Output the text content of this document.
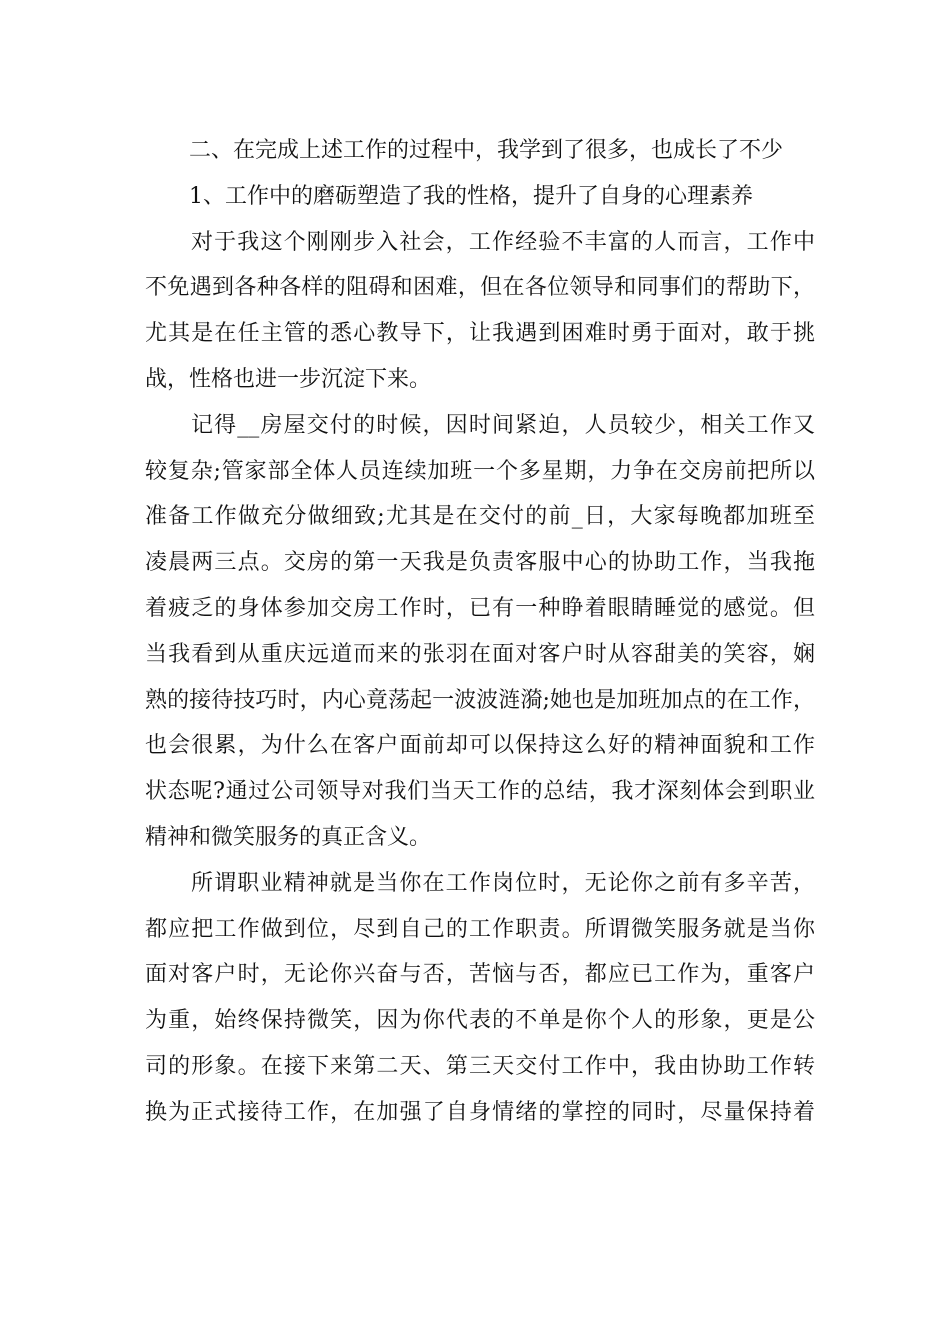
二、在完成上述工作的过程中，我学到了很多，也成长了不少
1、工作中的磨砺塑造了我的性格，提升了自身的心理素养
对于我这个刚刚步入社会，工作经验不丰富的人而言，工作中
不免遇到各种各样的阻碍和困难，但在各位领导和同事们的帮助下，
尤其是在任主管的悉心教导下，让我遇到困难时勇于面对，敢于挑
战，性格也进一步沉淀下来。
记得__房屋交付的时候，因时间紧迫，人员较少，相关工作又
较复杂;管家部全体人员连续加班一个多星期，力争在交房前把所以
准备工作做充分做细致;尤其是在交付的前_日，大家每晚都加班至
凌晨两三点。交房的第一天我是负责客服中心的协助工作，当我拖
着疲乏的身体参加交房工作时，已有一种睁着眼睛睡觉的感觉。但
当我看到从重庆远道而来的张羽在面对客户时从容甜美的笑容，娴
熟的接待技巧时，内心竟荡起一波波涟漪;她也是加班加点的在工作，
也会很累，为什么在客户面前却可以保持这么好的精神面貌和工作
状态呢?通过公司领导对我们当天工作的总结，我才深刻体会到职业
精神和微笑服务的真正含义。
所谓职业精神就是当你在工作岗位时，无论你之前有多辛苦，
都应把工作做到位，尽到自己的工作职责。所谓微笑服务就是当你
面对客户时，无论你兴奋与否，苦恼与否，都应已工作为，重客户
为重，始终保持微笑，因为你代表的不单是你个人的形象，更是公
司的形象。在接下来第二天、第三天交付工作中，我由协助工作转
换为正式接待工作，在加强了自身情绪的掌控的同时，尽量保持着
